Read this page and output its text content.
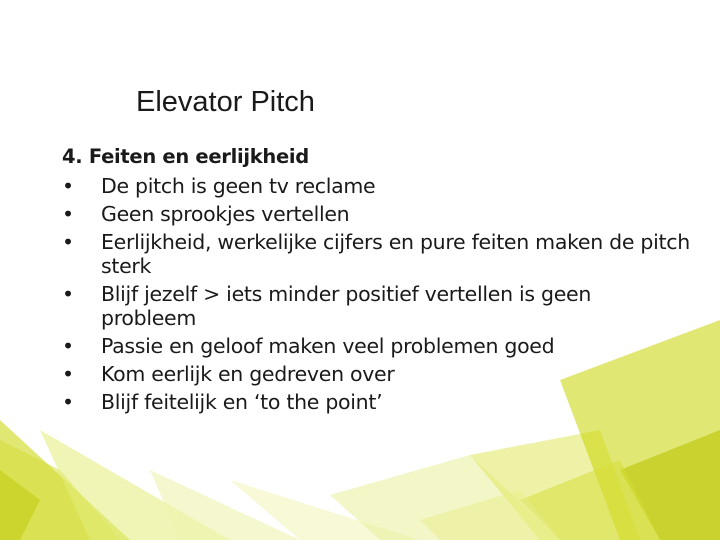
Elevator Pitch
4. Feiten en eerlijkheid
• De pitch is geen tv reclame
• Geen sprookjes vertellen
• Eerlijkheid, werkelijke cijfers en pure feiten maken de pitch sterk
• Blijf jezelf > iets minder positief vertellen is geen probleem
• Passie en geloof maken veel problemen goed
• Kom eerlijk en gedreven over
• Blijf feitelijk en ‘to the point’
